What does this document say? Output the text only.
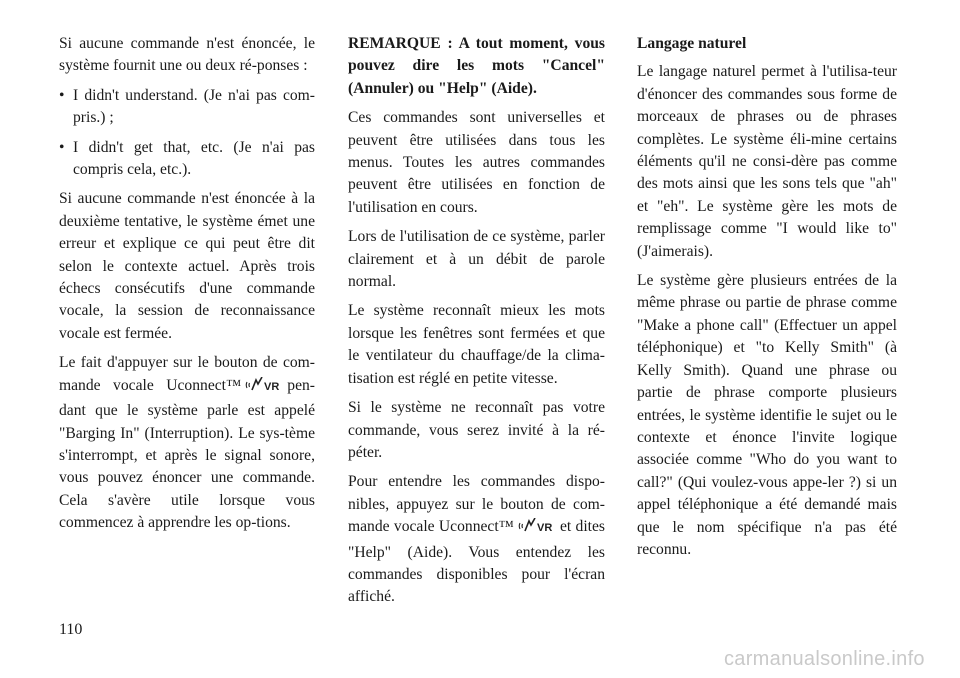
Si aucune commande n'est énoncée, le système fournit une ou deux ré-ponses :

• I didn't understand. (Je n'ai pas com-pris.) ;
• I didn't get that, etc. (Je n'ai pas compris cela, etc.).

Si aucune commande n'est énoncée à la deuxième tentative, le système émet une erreur et explique ce qui peut être dit selon le contexte actuel. Après trois échecs consécutifs d'une commande vocale, la session de reconnaissance vocale est fermée.

Le fait d'appuyer sur le bouton de com-mande vocale Uconnect™ VR pen-dant que le système parle est appelé "Barging In" (Interruption). Le sys-tème s'interrompt, et après le signal sonore, vous pouvez énoncer une commande. Cela s'avère utile lorsque vous commencez à apprendre les op-tions.

REMARQUE : A tout moment, vous pouvez dire les mots "Cancel" (Annuler) ou "Help" (Aide).

Ces commandes sont universelles et peuvent être utilisées dans tous les menus. Toutes les autres commandes peuvent être utilisées en fonction de l'utilisation en cours.

Lors de l'utilisation de ce système, parler clairement et à un débit de parole normal.

Le système reconnaît mieux les mots lorsque les fenêtres sont fermées et que le ventilateur du chauffage/de la clima-tisation est réglé en petite vitesse.

Si le système ne reconnaît pas votre commande, vous serez invité à la ré-péter.

Pour entendre les commandes dispo-nibles, appuyez sur le bouton de com-mande vocale Uconnect™ VR et dites "Help" (Aide). Vous entendez les commandes disponibles pour l'écran affiché.

Langage naturel

Le langage naturel permet à l'utilisa-teur d'énoncer des commandes sous forme de morceaux de phrases ou de phrases complètes. Le système éli-mine certains éléments qu'il ne consi-dère pas comme des mots ainsi que les sons tels que "ah" et "eh". Le système gère les mots de remplissage comme "I would like to" (J'aimerais).

Le système gère plusieurs entrées de la même phrase ou partie de phrase comme "Make a phone call" (Effectuer un appel téléphonique) et "to Kelly Smith" (à Kelly Smith). Quand une phrase ou partie de phrase comporte plusieurs entrées, le système identifie le sujet ou le contexte et énonce l'invite logique associée comme "Who do you want to call?" (Qui voulez-vous appe-ler ?) si un appel téléphonique a été demandé mais que le nom spécifique n'a pas été reconnu.

110
carmanualsonline.info
